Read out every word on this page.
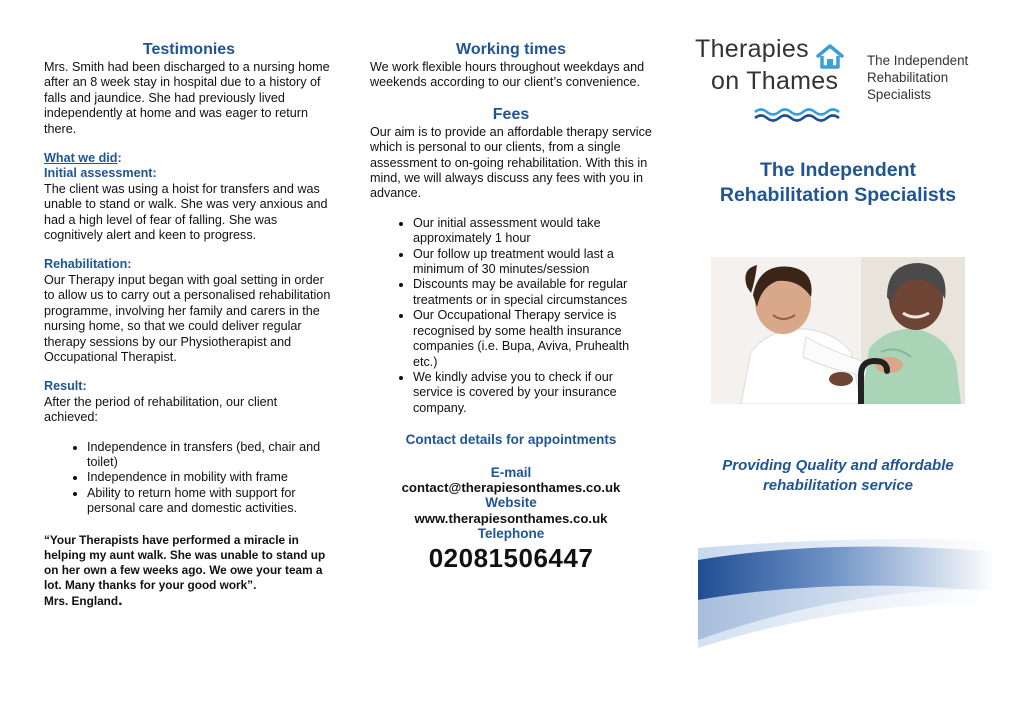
Testimonies

Mrs. Smith had been discharged to a nursing home after an 8 week stay in hospital due to a history of falls and jaundice. She had previously lived independently at home and was eager to return there.

What we did:

Initial assessment:

The client was using a hoist for transfers and was unable to stand or walk. She was very anxious and had a high level of fear of falling. She was cognitively alert and keen to progress.

Rehabilitation:

Our Therapy input began with goal setting in order to allow us to carry out a personalised rehabilitation programme, involving her family and carers in the nursing home, so that we could deliver regular therapy sessions by our Physiotherapist and Occupational Therapist.

Result:

After the period of rehabilitation, our client achieved:

• Independence in transfers (bed, chair and toilet)
• Independence in mobility with frame
• Ability to return home with support for personal care and domestic activities.

“Your Therapists have performed a miracle in helping my aunt walk. She was unable to stand up on her own a few weeks ago. We owe your team a lot. Many thanks for your good work”.

Mrs. England.

Working times

We work flexible hours throughout weekdays and weekends according to our client’s convenience.

Fees

Our aim is to provide an affordable therapy service which is personal to our clients, from a single assessment to on-going rehabilitation. With this in mind, we will always discuss any fees with you in advance.

• Our initial assessment would take approximately 1 hour
• Our follow up treatment would last a minimum of 30 minutes/session
• Discounts may be available for regular treatments or in special circumstances
• Our Occupational Therapy service is recognised by some health insurance companies (i.e. Bupa, Aviva, Pruhealth etc.)
• We kindly advise you to check if our service is covered by your insurance company.

Contact details for appointments

E-mail

contact@therapiesonthames.co.uk

Website

www.therapiesonthames.co.uk

Telephone

02081506447

Therapies
on Thames
The Independent
Rehabilitation
Specialists
The Independent
Rehabilitation Specialists
Providing Quality and affordable
rehabilitation service
